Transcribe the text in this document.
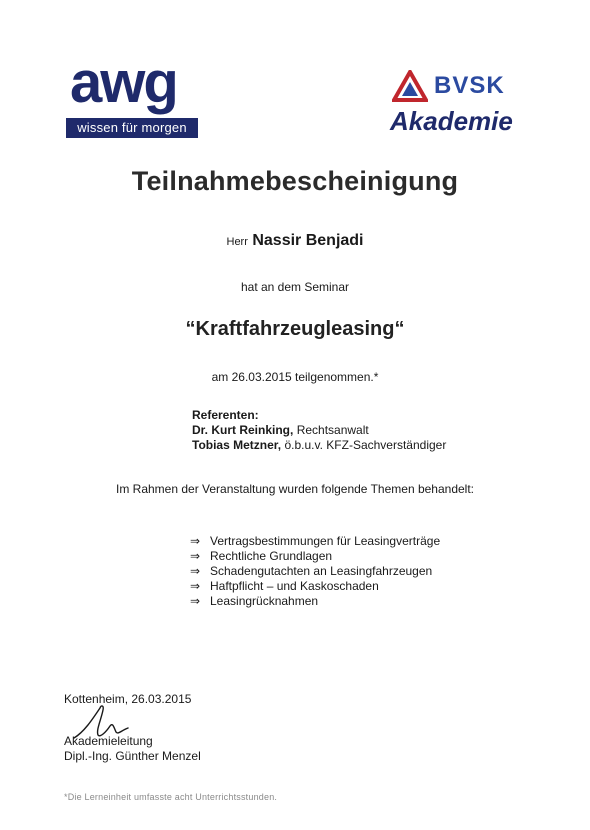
awg
wissen für morgen
BVSK
Akademie
Teilnahmebescheinigung
Herr Nassir Benjadi
hat an dem Seminar
“Kraftfahrzeugleasing“
am 26.03.2015 teilgenommen.*
Referenten:
Dr. Kurt Reinking, Rechtsanwalt
Tobias Metzner, ö.b.u.v. KFZ-Sachverständiger
Im Rahmen der Veranstaltung wurden folgende Themen behandelt:
⇒ Vertragsbestimmungen für Leasingverträge
⇒ Rechtliche Grundlagen
⇒ Schadengutachten an Leasingfahrzeugen
⇒ Haftpflicht – und Kaskoschaden
⇒ Leasingrücknahmen
Kottenheim, 26.03.2015
Akademieleitung
Dipl.-Ing. Günther Menzel
*Die Lerneinheit umfasste acht Unterrichtsstunden.
